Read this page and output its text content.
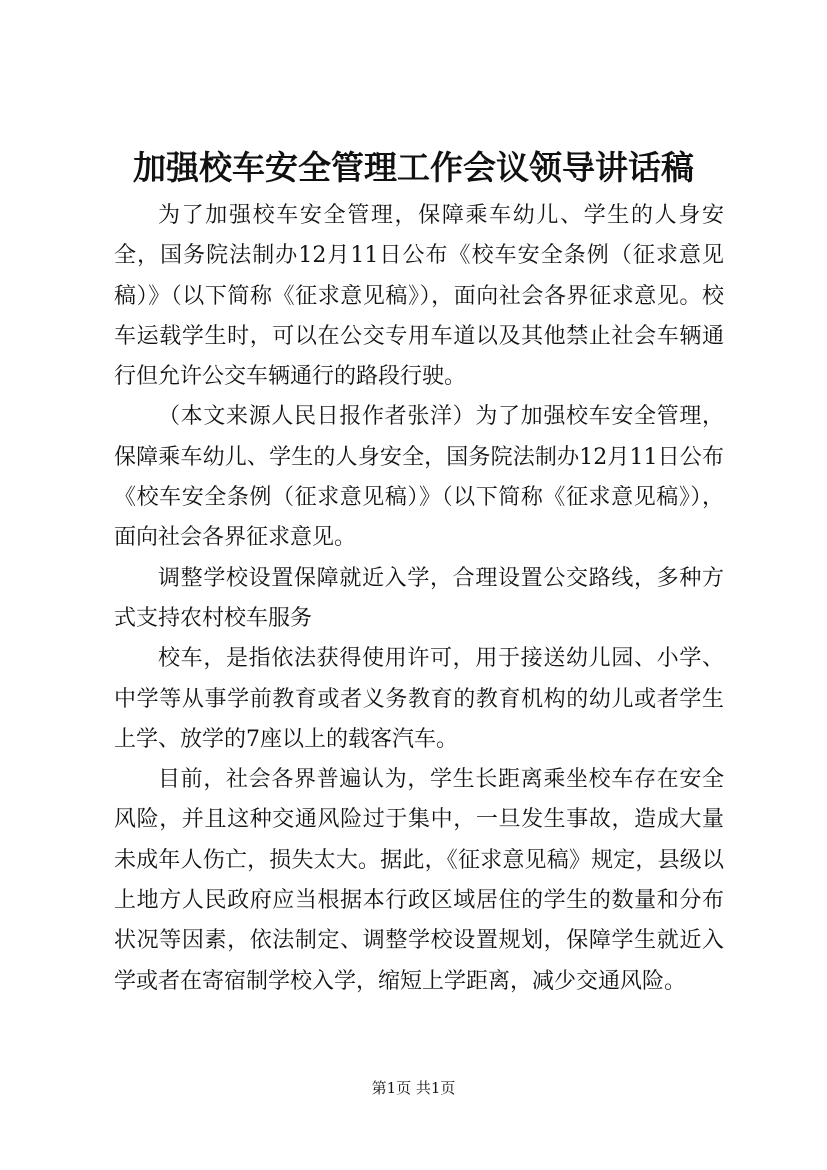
加强校车安全管理工作会议领导讲话稿

为了加强校车安全管理，保障乘车幼儿、学生的人身安全，国务院法制办12月11日公布《校车安全条例（征求意见稿）》（以下简称《征求意见稿》），面向社会各界征求意见。校车运载学生时，可以在公交专用车道以及其他禁止社会车辆通行但允许公交车辆通行的路段行驶。

（本文来源人民日报作者张洋）为了加强校车安全管理，保障乘车幼儿、学生的人身安全，国务院法制办12月11日公布《校车安全条例（征求意见稿）》（以下简称《征求意见稿》），面向社会各界征求意见。

调整学校设置保障就近入学，合理设置公交路线，多种方式支持农村校车服务

校车，是指依法获得使用许可，用于接送幼儿园、小学、中学等从事学前教育或者义务教育的教育机构的幼儿或者学生上学、放学的7座以上的载客汽车。

目前，社会各界普遍认为，学生长距离乘坐校车存在安全风险，并且这种交通风险过于集中，一旦发生事故，造成大量未成年人伤亡，损失太大。据此，《征求意见稿》规定，县级以上地方人民政府应当根据本行政区域居住的学生的数量和分布状况等因素，依法制定、调整学校设置规划，保障学生就近入学或者在寄宿制学校入学，缩短上学距离，减少交通风险。

第1页 共1页
